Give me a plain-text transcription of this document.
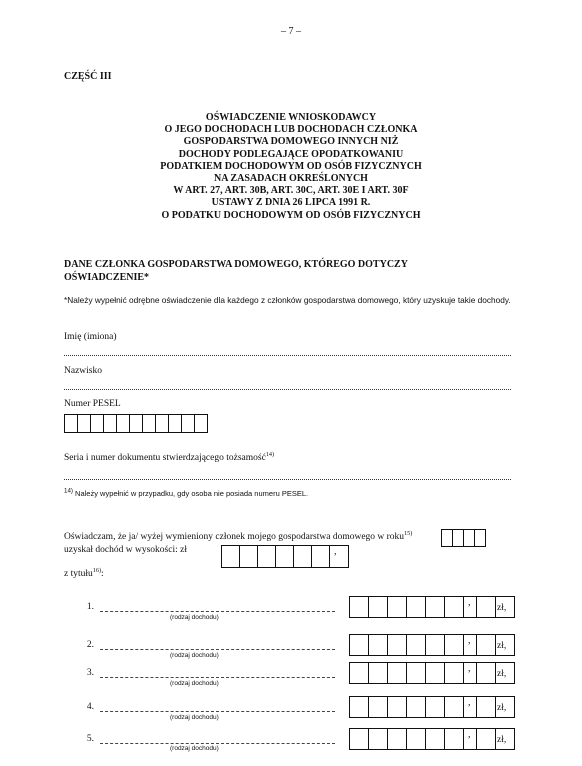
– 7 –
CZĘŚĆ III
OŚWIADCZENIE WNIOSKODAWCY
O JEGO DOCHODACH LUB DOCHODACH CZŁONKA
GOSPODARSTWA DOMOWEGO INNYCH NIŻ
DOCHODY PODLEGAJĄCE OPODATKOWANIU
PODATKIEM DOCHODOWYM OD OSÓB FIZYCZNYCH
NA ZASADACH OKREŚLONYCH
W ART. 27, ART. 30B, ART. 30C, ART. 30E I ART. 30F
USTAWY Z DNIA 26 LIPCA 1991 R.
O PODATKU DOCHODOWYM OD OSÓB FIZYCZNYCH
DANE CZŁONKA GOSPODARSTWA DOMOWEGO, KTÓREGO DOTYCZY OŚWIADCZENIE*
*Należy wypełnić odrębne oświadczenie dla każdego z członków gospodarstwa domowego, który uzyskuje takie dochody.
Imię (imiona)
Nazwisko
Numer PESEL
Seria i numer dokumentu stwierdzającego tożsamość$^{14)}$
$^{14)}$ Należy wypełnić w przypadku, gdy osoba nie posiada numeru PESEL.
Oświadczam, że ja/ wyżej wymieniony członek mojego gospodarstwa domowego w roku$^{15)}$
uzyskał dochód w wysokości: zł	,
z tytułu$^{16)}$:
1.
(rodzaj dochodu)
,	zł,
2.
(rodzaj dochodu)
,	zł,
3.
(rodzaj dochodu)
,	zł,
4.
(rodzaj dochodu)
,	zł,
5.
(rodzaj dochodu)
,	zł,
